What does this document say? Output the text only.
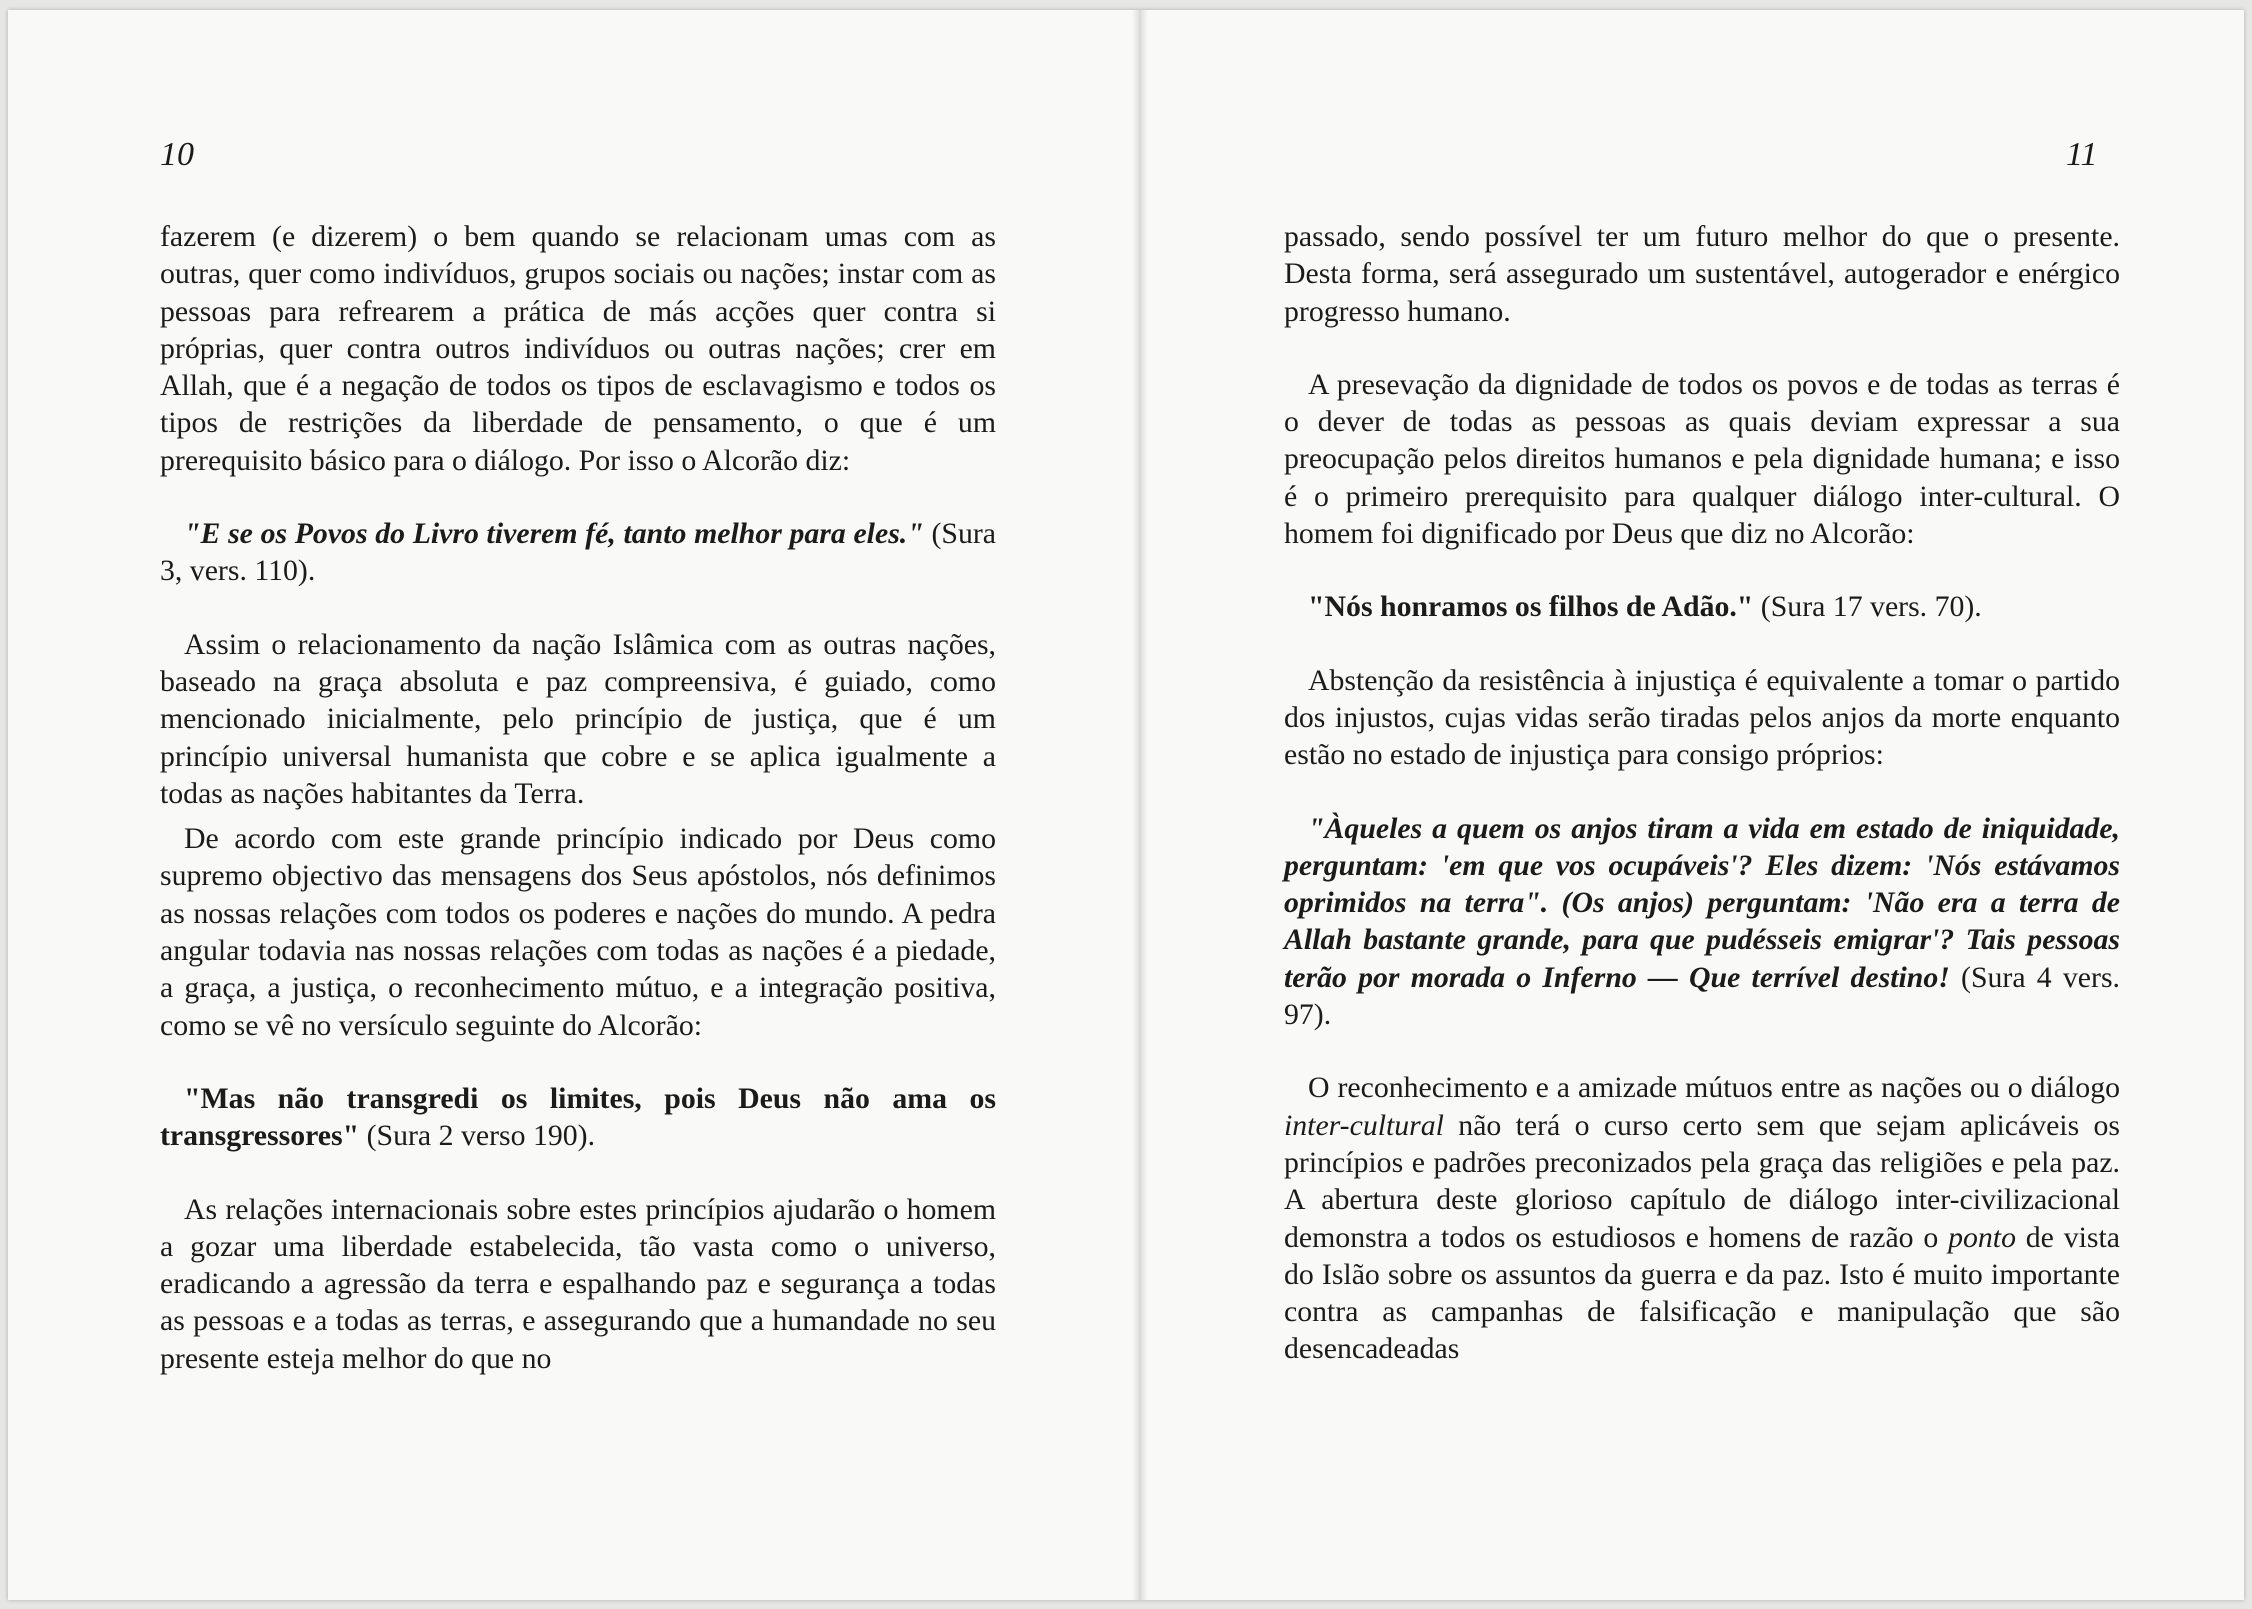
10

fazerem (e dizerem) o bem quando se relacionam umas com as outras, quer como indivíduos, grupos sociais ou nações; instar com as pessoas para refrearem a prática de más acções quer contra si próprias, quer contra outros indivíduos ou outras nações; crer em Allah, que é a negação de todos os tipos de esclavagismo e todos os tipos de restrições da liberdade de pensamento, o que é um prerequisito básico para o diálogo. Por isso o Alcorão diz:

"E se os Povos do Livro tiverem fé, tanto melhor para eles." (Sura 3, vers. 110).

Assim o relacionamento da nação Islâmica com as outras nações, baseado na graça absoluta e paz compreensiva, é guiado, como mencionado inicialmente, pelo princípio de justiça, que é um princípio universal humanista que cobre e se aplica igualmente a todas as nações habitantes da Terra.

De acordo com este grande princípio indicado por Deus como supremo objectivo das mensagens dos Seus apóstolos, nós definimos as nossas relações com todos os poderes e nações do mundo. A pedra angular todavia nas nossas relações com todas as nações é a piedade, a graça, a justiça, o reconhecimento mútuo, e a integração positiva, como se vê no versículo seguinte do Alcorão:

"Mas não transgredi os limites, pois Deus não ama os transgressores" (Sura 2 verso 190).

As relações internacionais sobre estes princípios ajudarão o homem a gozar uma liberdade estabelecida, tão vasta como o universo, eradicando a agressão da terra e espalhando paz e segurança a todas as pessoas e a todas as terras, e assegurando que a humandade no seu presente esteja melhor do que no

11

passado, sendo possível ter um futuro melhor do que o presente. Desta forma, será assegurado um sustentável, autogerador e enérgico progresso humano.

A presevação da dignidade de todos os povos e de todas as terras é o dever de todas as pessoas as quais deviam expressar a sua preocupação pelos direitos humanos e pela dignidade humana; e isso é o primeiro prerequisito para qualquer diálogo inter-cultural. O homem foi dignificado por Deus que diz no Alcorão:

"Nós honramos os filhos de Adão." (Sura 17 vers. 70).

Abstenção da resistência à injustiça é equivalente a tomar o partido dos injustos, cujas vidas serão tiradas pelos anjos da morte enquanto estão no estado de injustiça para consigo próprios:

"Àqueles a quem os anjos tiram a vida em estado de iniquidade, perguntam: 'em que vos ocupáveis'? Eles dizem: 'Nós estávamos oprimidos na terra". (Os anjos) perguntam: 'Não era a terra de Allah bastante grande, para que pudésseis emigrar'? Tais pessoas terão por morada o Inferno — Que terrível destino! (Sura 4 vers. 97).

O reconhecimento e a amizade mútuos entre as nações ou o diálogo inter-cultural não terá o curso certo sem que sejam aplicáveis os princípios e padrões preconizados pela graça das religiões e pela paz. A abertura deste glorioso capítulo de diálogo inter-civilizacional demonstra a todos os estudiosos e homens de razão o ponto de vista do Islão sobre os assuntos da guerra e da paz. Isto é muito importante contra as campanhas de falsificação e manipulação que são desencadeadas
